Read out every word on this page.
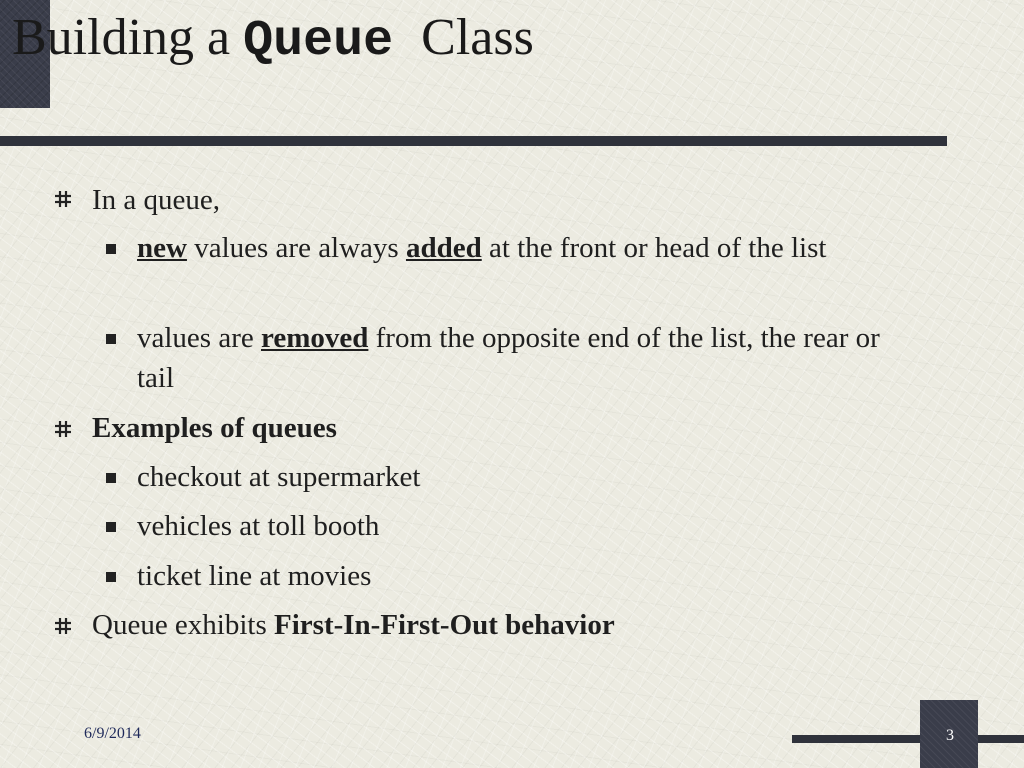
Building a Queue Class
In a queue,
new values are always added at the front or head of the list
values are removed from the opposite end of the list, the rear or tail
Examples of queues
checkout at supermarket
vehicles at toll booth
ticket line at movies
Queue exhibits First-In-First-Out behavior
6/9/2014	3
